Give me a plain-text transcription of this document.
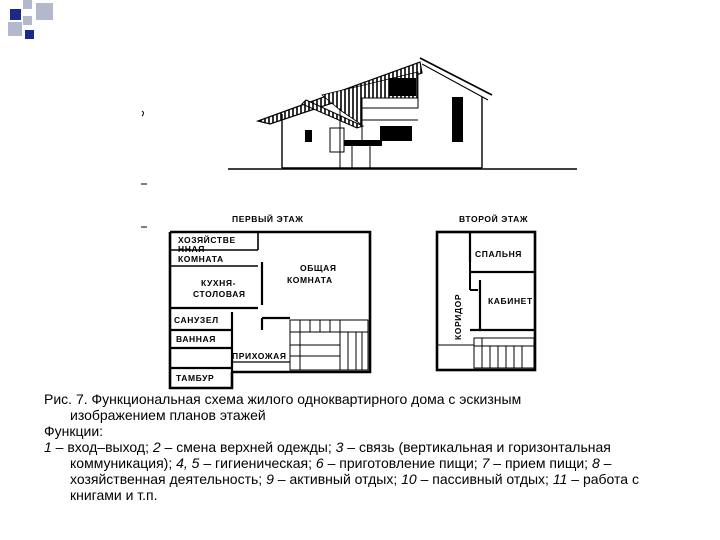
ПЕРВЫЙ ЭТАЖ
ХОЗЯЙСТВЕ
ННАЯ
КОМНАТА
КУХНЯ-
СТОЛОВАЯ
ОБЩАЯ
КОМНАТА
САНУЗЕЛ
ВАННАЯ
ПРИХОЖАЯ
ТАМБУР
ВТОРОЙ ЭТАЖ
СПАЛЬНЯ
КАБИНЕТ
КОРИДОР

Рис. 7. Функциональная схема жилого одноквартирного дома с эскизным

изображением планов этажей

Функции:

1 – вход–выход; 2 – смена верхней одежды; 3 – связь (вертикальная и горизонтальная коммуникация); 4, 5 – гигиеническая; 6 – приготовление пищи; 7 – прием пищи; 8 – хозяйственная деятельность; 9 – активный отдых; 10 – пассивный отдых; 11 – работа с книгами и т.п.
